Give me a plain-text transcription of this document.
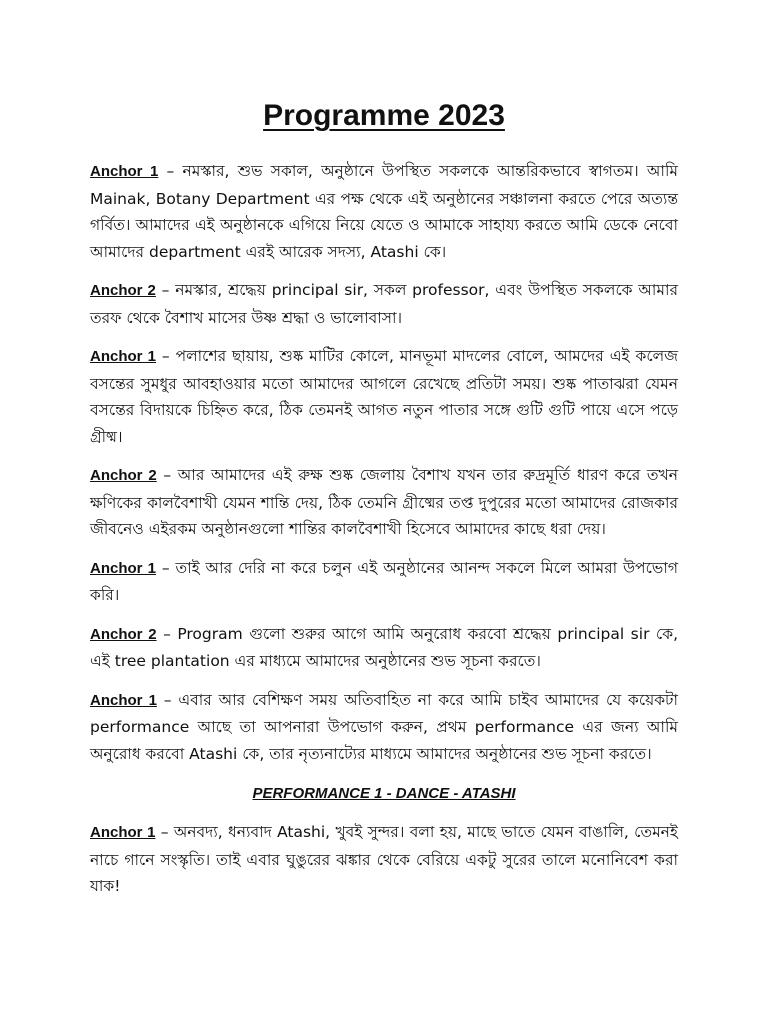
Programme 2023

Anchor 1 – নমস্কার, শুভ সকাল, অনুষ্ঠানে উপস্থিত সকলকে আন্তরিকভাবে স্বাগতম। আমি Mainak, Botany Department এর পক্ষ থেকে এই অনুষ্ঠানের সঞ্চালনা করতে পেরে অত্যন্ত গর্বিত। আমাদের এই অনুষ্ঠানকে এগিয়ে নিয়ে যেতে ও আমাকে সাহায্য করতে আমি ডেকে নেবো আমাদের department এরই আরেক সদস্য, Atashi কে।

Anchor 2 – নমস্কার, শ্রদ্ধেয় principal sir, সকল professor, এবং উপস্থিত সকলকে আমার তরফ থেকে বৈশাখ মাসের উষ্ণ শ্রদ্ধা ও ভালোবাসা।

Anchor 1 – পলাশের ছায়ায়, শুষ্ক মাটির কোলে, মানভূমা মাদলের বোলে, আমদের এই কলেজ বসন্তের সুমধুর আবহাওয়ার মতো আমাদের আগলে রেখেছে প্রতিটা সময়। শুষ্ক পাতাঝরা যেমন বসন্তের বিদায়কে চিহ্নিত করে, ঠিক তেমনই আগত নতুন পাতার সঙ্গে গুটি গুটি পায়ে এসে পড়ে গ্রীষ্ম।

Anchor 2 – আর আমাদের এই রুক্ষ শুষ্ক জেলায় বৈশাখ যখন তার রুদ্রমূর্তি ধারণ করে তখন ক্ষণিকের কালবৈশাখী যেমন শান্তি দেয়, ঠিক তেমনি গ্রীষ্মের তপ্ত দুপুরের মতো আমাদের রোজকার জীবনেও এইরকম অনুষ্ঠানগুলো শান্তির কালবৈশাখী হিসেবে আমাদের কাছে ধরা দেয়।

Anchor 1 – তাই আর দেরি না করে চলুন এই অনুষ্ঠানের আনন্দ সকলে মিলে আমরা উপভোগ করি।

Anchor 2 – Program গুলো শুরুর আগে আমি অনুরোধ করবো শ্রদ্ধেয় principal sir কে, এই tree plantation এর মাধ্যমে আমাদের অনুষ্ঠানের শুভ সূচনা করতে।

Anchor 1 – এবার আর বেশিক্ষণ সময় অতিবাহিত না করে আমি চাইব আমাদের যে কয়েকটা performance আছে তা আপনারা উপভোগ করুন, প্রথম performance এর জন্য আমি অনুরোধ করবো Atashi কে, তার নৃত্যনাট্যের মাধ্যমে আমাদের অনুষ্ঠানের শুভ সূচনা করতে।

PERFORMANCE 1 - DANCE - ATASHI

Anchor 1 – অনবদ্য, ধন্যবাদ Atashi, খুবই সুন্দর। বলা হয়, মাছে ভাতে যেমন বাঙালি, তেমনই নাচে গানে সংস্কৃতি। তাই এবার ঘুঙুরের ঝঙ্কার থেকে বেরিয়ে একটু সুরের তালে মনোনিবেশ করা যাক!
